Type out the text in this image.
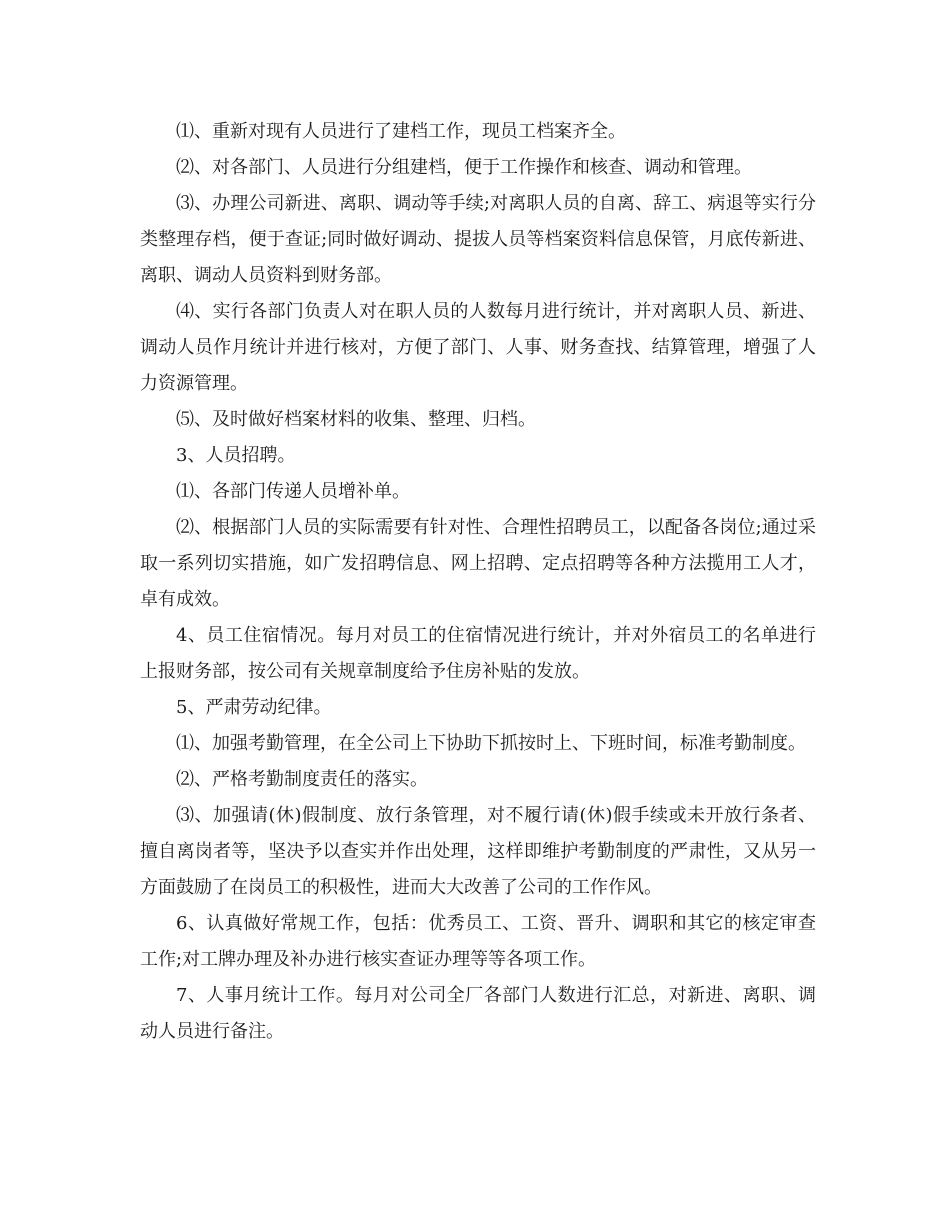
⑴、重新对现有人员进行了建档工作，现员工档案齐全。

⑵、对各部门、人员进行分组建档，便于工作操作和核查、调动和管理。

⑶、办理公司新进、离职、调动等手续;对离职人员的自离、辞工、病退等实行分类整理存档，便于查证;同时做好调动、提拔人员等档案资料信息保管，月底传新进、离职、调动人员资料到财务部。

⑷、实行各部门负责人对在职人员的人数每月进行统计，并对离职人员、新进、调动人员作月统计并进行核对，方便了部门、人事、财务查找、结算管理，增强了人力资源管理。

⑸、及时做好档案材料的收集、整理、归档。

3、人员招聘。

⑴、各部门传递人员增补单。

⑵、根据部门人员的实际需要有针对性、合理性招聘员工，以配备各岗位;通过采取一系列切实措施，如广发招聘信息、网上招聘、定点招聘等各种方法揽用工人才，卓有成效。

4、员工住宿情况。每月对员工的住宿情况进行统计，并对外宿员工的名单进行上报财务部，按公司有关规章制度给予住房补贴的发放。

5、严肃劳动纪律。

⑴、加强考勤管理，在全公司上下协助下抓按时上、下班时间，标准考勤制度。

⑵、严格考勤制度责任的落实。

⑶、加强请(休)假制度、放行条管理，对不履行请(休)假手续或未开放行条者、擅自离岗者等，坚决予以查实并作出处理，这样即维护考勤制度的严肃性，又从另一方面鼓励了在岗员工的积极性，进而大大改善了公司的工作作风。

6、认真做好常规工作，包括：优秀员工、工资、晋升、调职和其它的核定审查工作;对工牌办理及补办进行核实查证办理等等各项工作。

7、人事月统计工作。每月对公司全厂各部门人数进行汇总，对新进、离职、调动人员进行备注。
